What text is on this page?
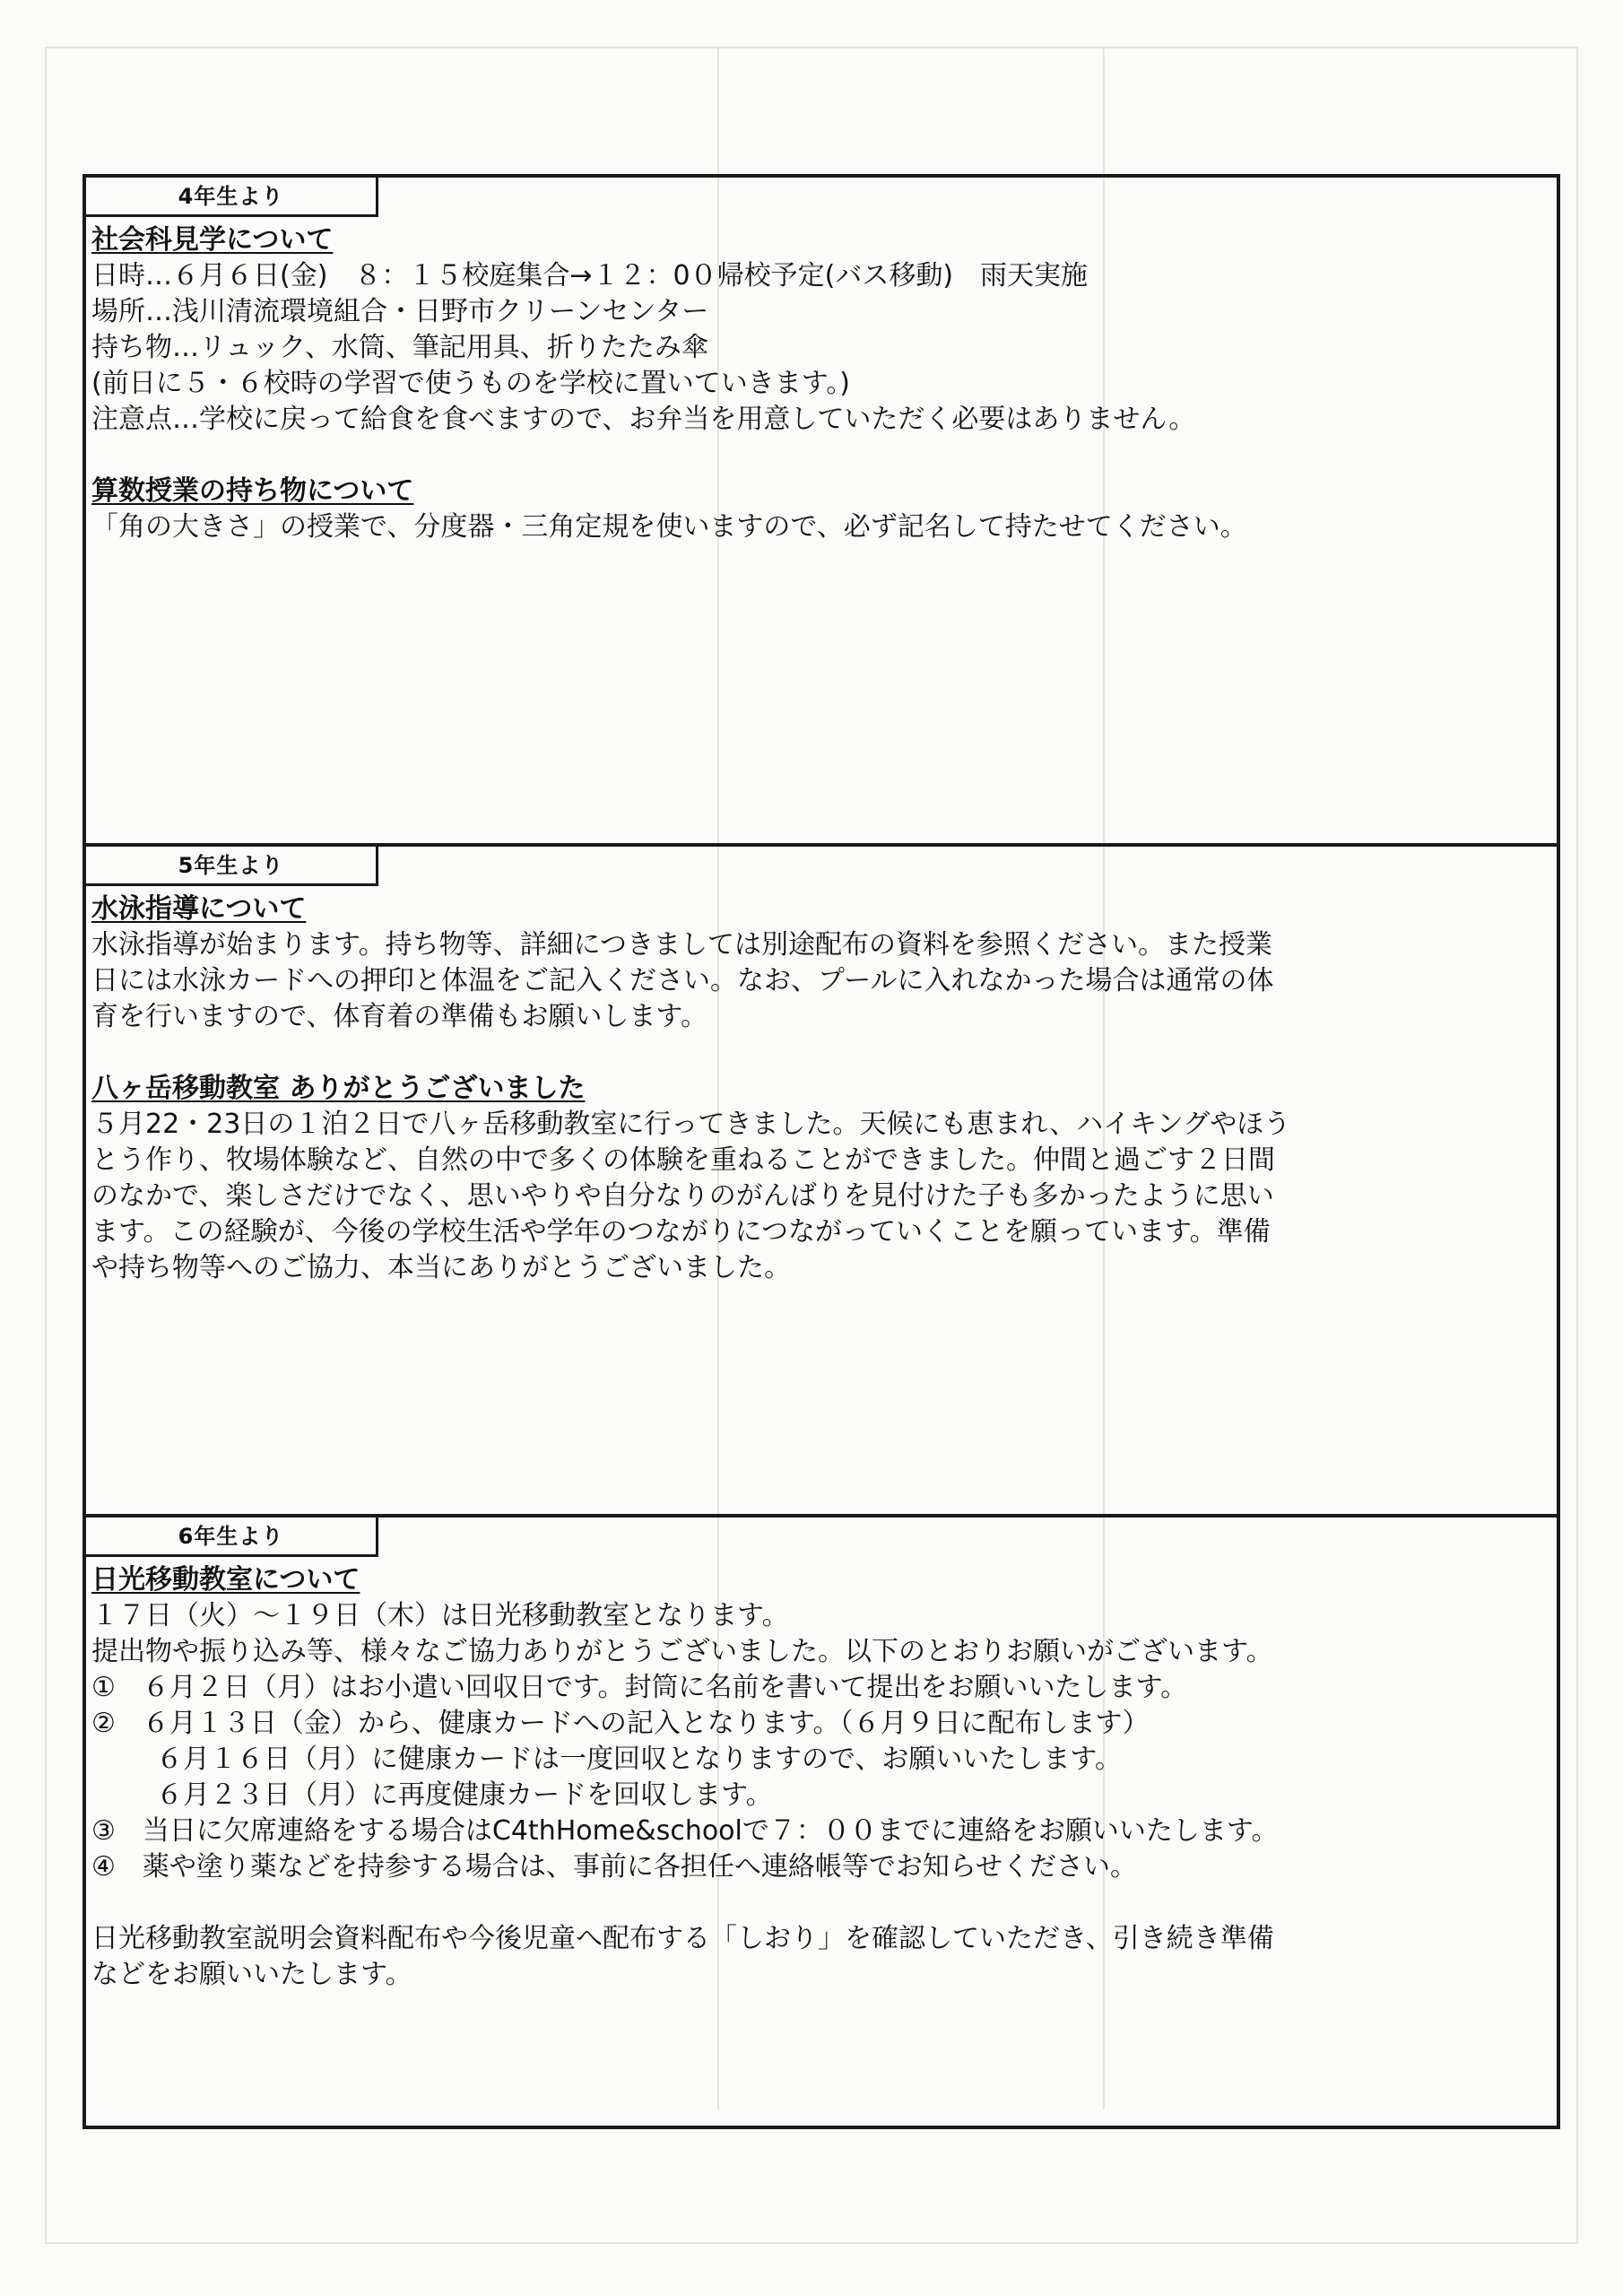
4年生より

社会科見学について

日時…６月６日(金)　８：１５校庭集合→１２：0０帰校予定(バス移動)　雨天実施

場所…浅川清流環境組合・日野市クリーンセンター

持ち物…リュック、水筒、筆記用具、折りたたみ傘

(前日に５・６校時の学習で使うものを学校に置いていきます。)

注意点…学校に戻って給食を食べますので、お弁当を用意していただく必要はありません。

算数授業の持ち物について

「角の大きさ」の授業で、分度器・三角定規を使いますので、必ず記名して持たせてください。

5年生より

水泳指導について

水泳指導が始まります。持ち物等、詳細につきましては別途配布の資料を参照ください。また授業

日には水泳カードへの押印と体温をご記入ください。なお、プールに入れなかった場合は通常の体

育を行いますので、体育着の準備もお願いします。

八ヶ岳移動教室 ありがとうございました

５月22・23日の１泊２日で八ヶ岳移動教室に行ってきました。天候にも恵まれ、ハイキングやほう

とう作り、牧場体験など、自然の中で多くの体験を重ねることができました。仲間と過ごす２日間

のなかで、楽しさだけでなく、思いやりや自分なりのがんばりを見付けた子も多かったように思い

ます。この経験が、今後の学校生活や学年のつながりにつながっていくことを願っています。準備

や持ち物等へのご協力、本当にありがとうございました。

6年生より

日光移動教室について

１７日（火）～１９日（木）は日光移動教室となります。

提出物や振り込み等、様々なご協力ありがとうございました。以下のとおりお願いがございます。

①　６月２日（月）はお小遣い回収日です。封筒に名前を書いて提出をお願いいたします。

②　６月１３日（金）から、健康カードへの記入となります。（６月９日に配布します）

６月１６日（月）に健康カードは一度回収となりますので、お願いいたします。

６月２３日（月）に再度健康カードを回収します。

③　当日に欠席連絡をする場合はC4thHome&schoolで７：００までに連絡をお願いいたします。

④　薬や塗り薬などを持参する場合は、事前に各担任へ連絡帳等でお知らせください。

日光移動教室説明会資料配布や今後児童へ配布する「しおり」を確認していただき、引き続き準備

などをお願いいたします。
